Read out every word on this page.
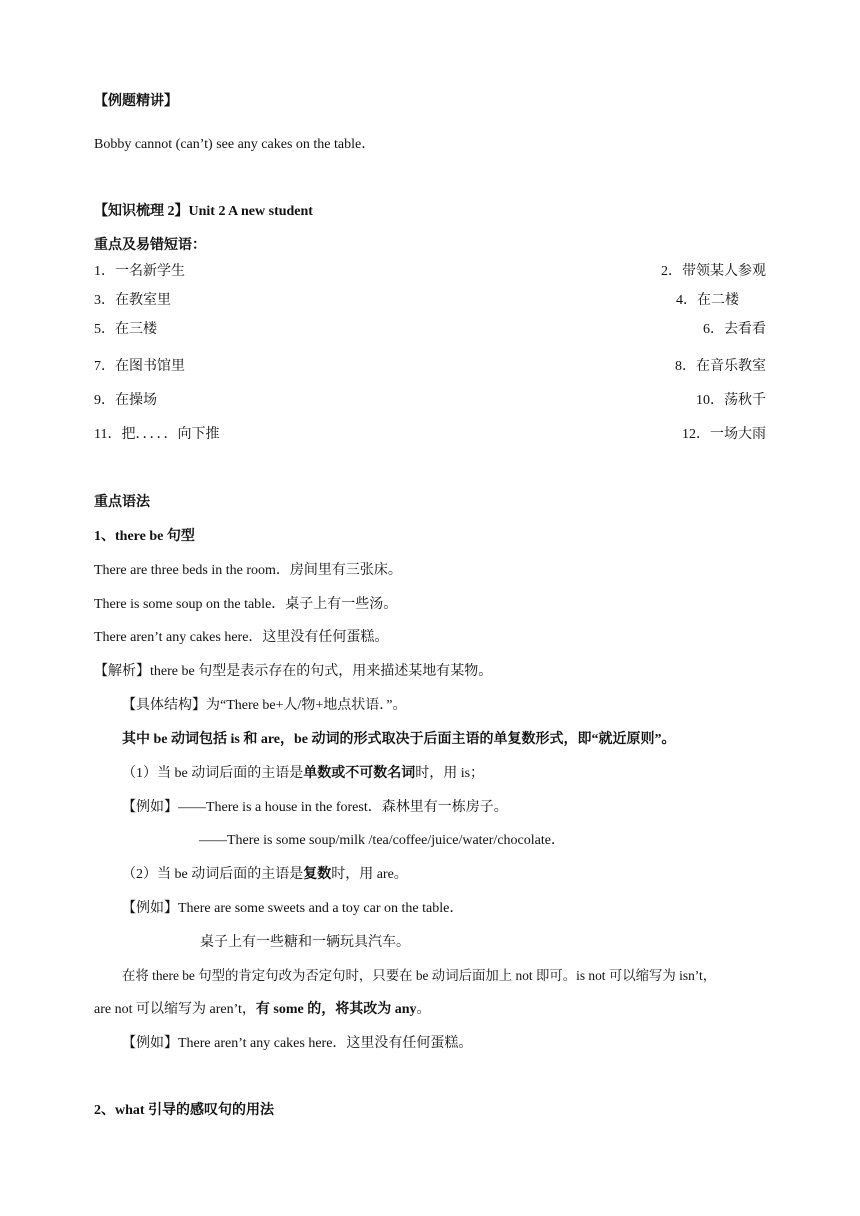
【例题精讲】
Bobby cannot (can’t) see any cakes on the table．
【知识梳理 2】Unit 2 A new student
重点及易错短语：
1．一名新学生	2．带领某人参观
3．在教室里	4．在二楼
5．在三楼	6．去看看
7．在图书馆里	8．在音乐教室
9．在操场	10．荡秋千
11．把．．．．．向下推	12．一场大雨
重点语法
1、there be 句型
There are three beds in the room．房间里有三张床。
There is some soup on the table．桌子上有一些汤。
There aren’t any cakes here．这里没有任何蛋糕。
【解析】there be 句型是表示存在的句式，用来描述某地有某物。
【具体结构】为“There be+人/物+地点状语．”。
其中 be 动词包括 is 和 are，be 动词的形式取决于后面主语的单复数形式，即“就近原则”。
（1）当 be 动词后面的主语是单数或不可数名词时，用 is；
【例如】——There is a house in the forest．森林里有一栋房子。
——There is some soup/milk /tea/coffee/juice/water/chocolate．
（2）当 be 动词后面的主语是复数时，用 are。
【例如】There are some sweets and a toy car on the table．
桌子上有一些糖和一辆玩具汽车。
在将 there be 句型的肯定句改为否定句时，只要在 be 动词后面加上 not 即可。is not 可以缩写为 isn’t，
are not 可以缩写为 aren’t，有 some 的，将其改为 any。
【例如】There aren’t any cakes here．这里没有任何蛋糕。
2、what 引导的感叹句的用法
